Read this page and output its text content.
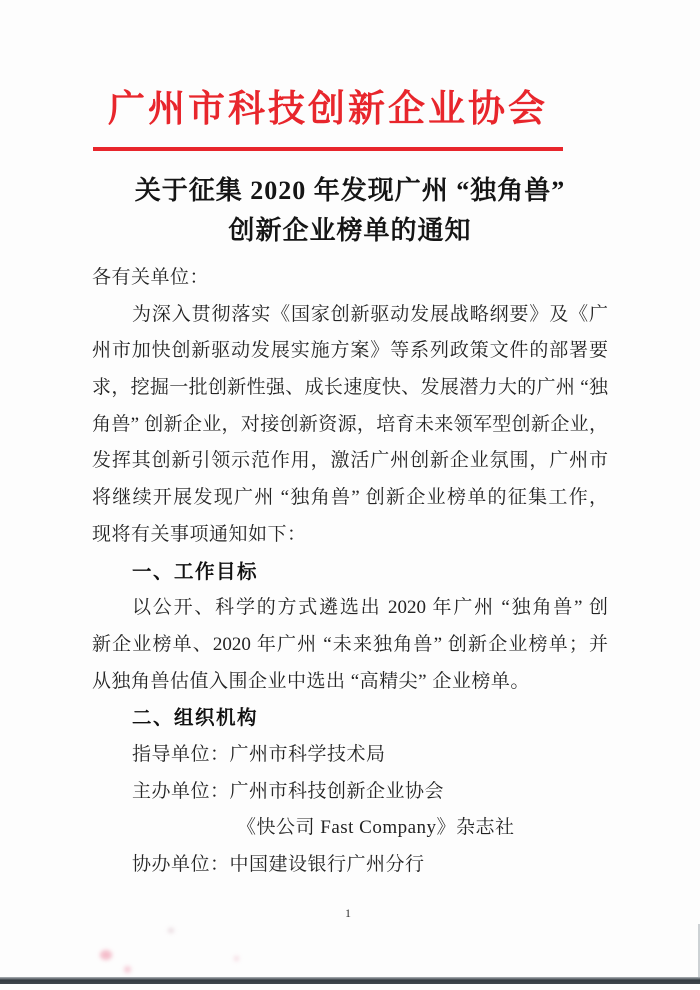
广州市科技创新企业协会
关于征集 2020 年发现广州 “独角兽”
创新企业榜单的通知
各有关单位：
为深入贯彻落实《国家创新驱动发展战略纲要》及《广
州市加快创新驱动发展实施方案》等系列政策文件的部署要
求，挖掘一批创新性强、成长速度快、发展潜力大的广州 “独
角兽” 创新企业，对接创新资源，培育未来领军型创新企业，
发挥其创新引领示范作用，激活广州创新企业氛围，广州市
将继续开展发现广州 “独角兽” 创新企业榜单的征集工作，
现将有关事项通知如下：
一、工作目标
以公开、科学的方式遴选出 2020 年广州 “独角兽” 创
新企业榜单、2020 年广州 “未来独角兽” 创新企业榜单；并
从独角兽估值入围企业中选出 “高精尖” 企业榜单。
二、组织机构
指导单位：广州市科学技术局
主办单位：广州市科技创新企业协会
《快公司 Fast Company》杂志社
协办单位：中国建设银行广州分行
1
